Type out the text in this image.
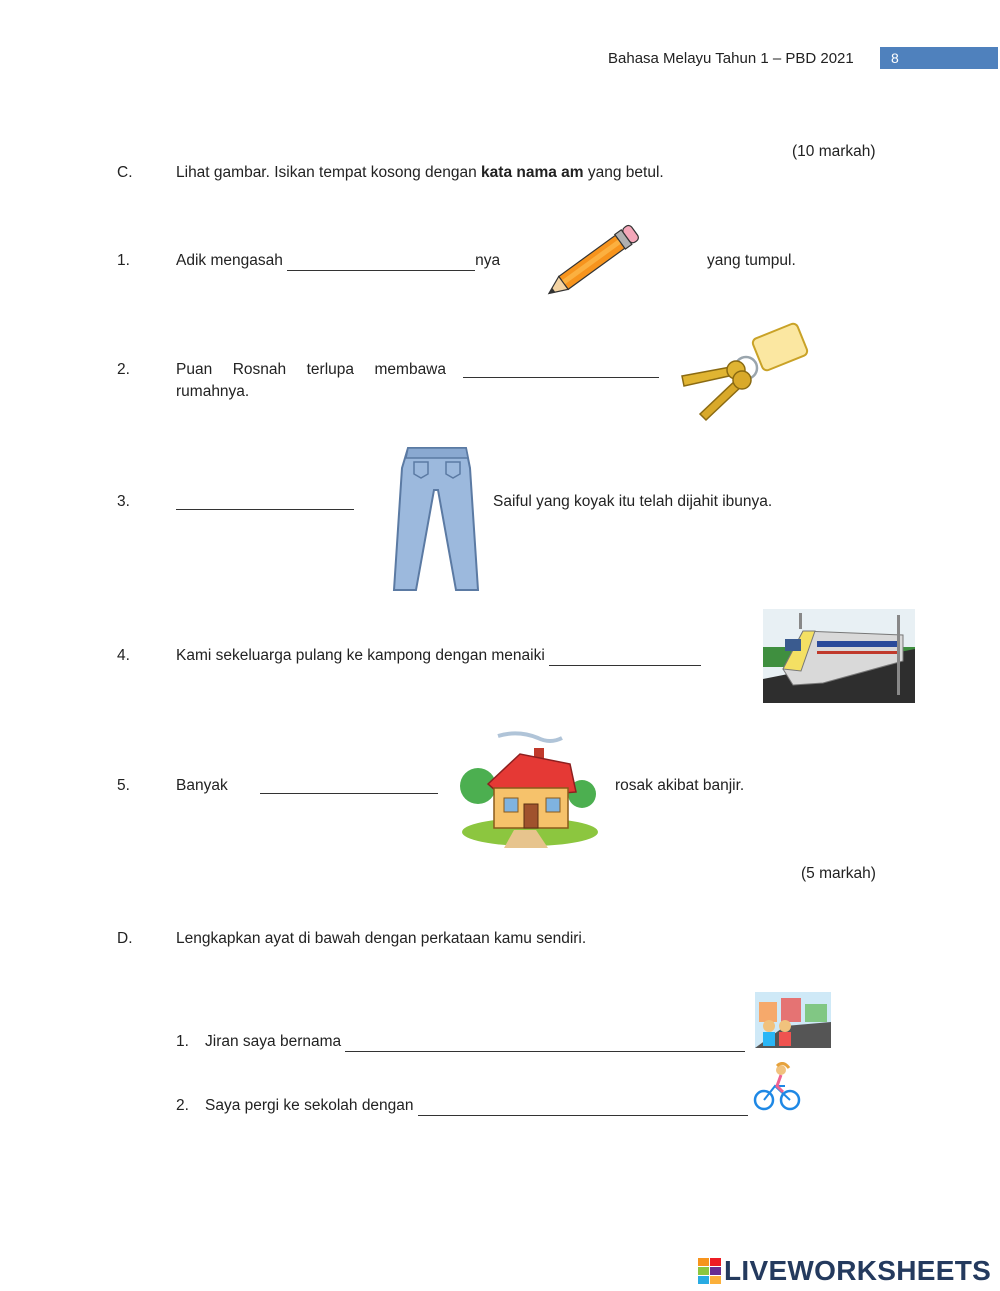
Bahasa Melayu Tahun 1 – PBD 2021	8
(10 markah)
C.	Lihat gambar. Isikan tempat kosong dengan kata nama am yang betul.
1.	Adik mengasah	nya	yang tumpul.
2.	Puan Rosnah terlupa membawa
rumahnya.
3.	Saiful yang koyak itu telah dijahit ibunya.
4.	Kami sekeluarga pulang ke kampong dengan menaiki
5.	Banyak	rosak akibat banjir.
(5 markah)
D.	Lengkapkan ayat di bawah dengan perkataan kamu sendiri.
1. Jiran saya bernama
2. Saya pergi ke sekolah dengan
LIVEWORKSHEETS
